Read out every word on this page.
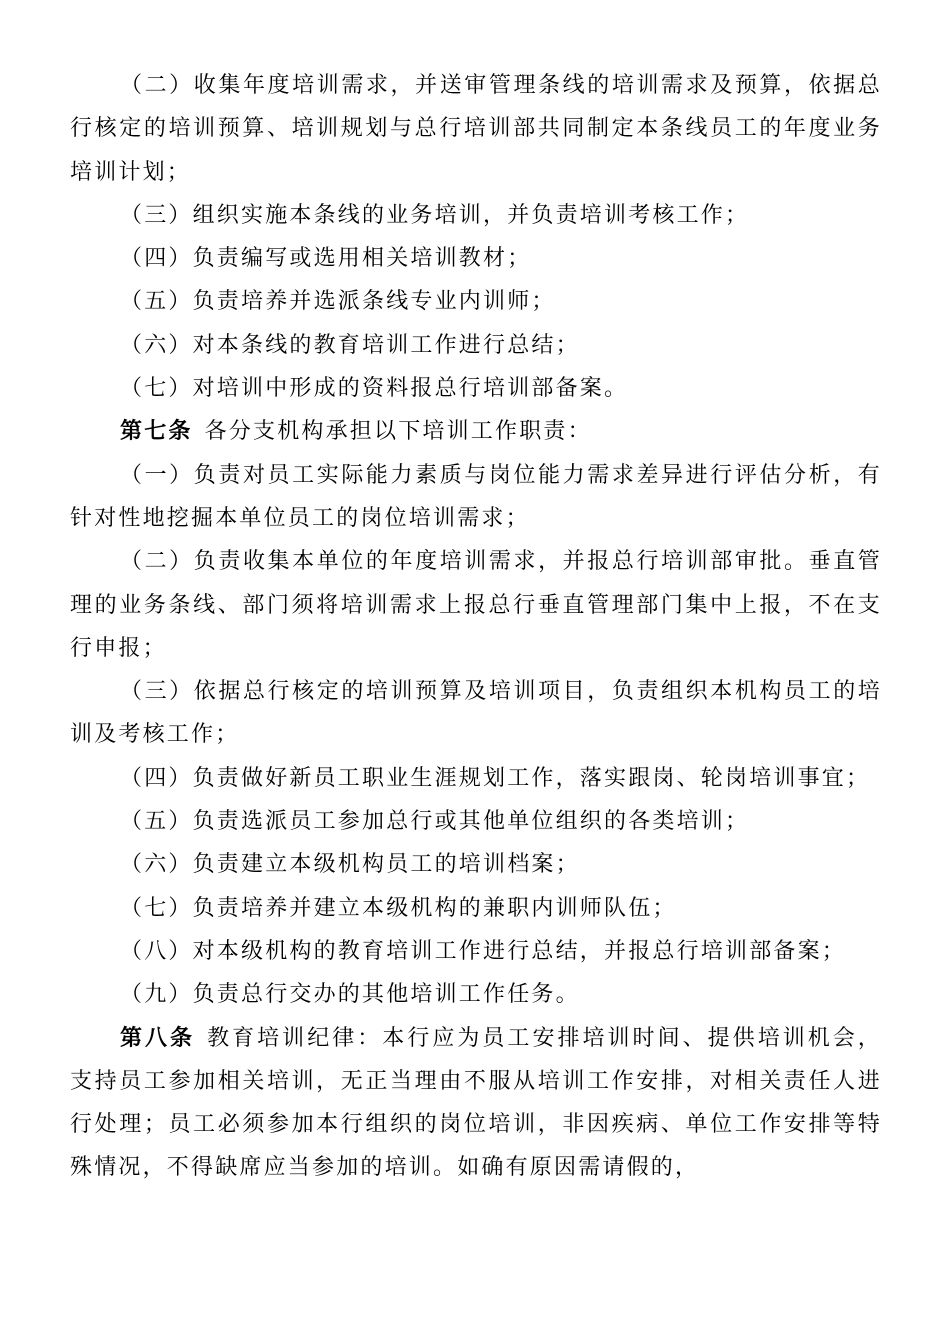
（二）收集年度培训需求，并送审管理条线的培训需求及预算，依据总行核定的培训预算、培训规划与总行培训部共同制定本条线员工的年度业务培训计划；

（三）组织实施本条线的业务培训，并负责培训考核工作；

（四）负责编写或选用相关培训教材；

（五）负责培养并选派条线专业内训师；

（六）对本条线的教育培训工作进行总结；

（七）对培训中形成的资料报总行培训部备案。

第七条 各分支机构承担以下培训工作职责：

（一）负责对员工实际能力素质与岗位能力需求差异进行评估分析，有针对性地挖掘本单位员工的岗位培训需求；

（二）负责收集本单位的年度培训需求，并报总行培训部审批。垂直管理的业务条线、部门须将培训需求上报总行垂直管理部门集中上报，不在支行申报；

（三）依据总行核定的培训预算及培训项目，负责组织本机构员工的培训及考核工作；

（四）负责做好新员工职业生涯规划工作，落实跟岗、轮岗培训事宜；

（五）负责选派员工参加总行或其他单位组织的各类培训；

（六）负责建立本级机构员工的培训档案；

（七）负责培养并建立本级机构的兼职内训师队伍；

（八）对本级机构的教育培训工作进行总结，并报总行培训部备案；

（九）负责总行交办的其他培训工作任务。

第八条 教育培训纪律：本行应为员工安排培训时间、提供培训机会，支持员工参加相关培训，无正当理由不服从培训工作安排，对相关责任人进行处理；员工必须参加本行组织的岗位培训，非因疾病、单位工作安排等特殊情况，不得缺席应当参加的培训。如确有原因需请假的，
